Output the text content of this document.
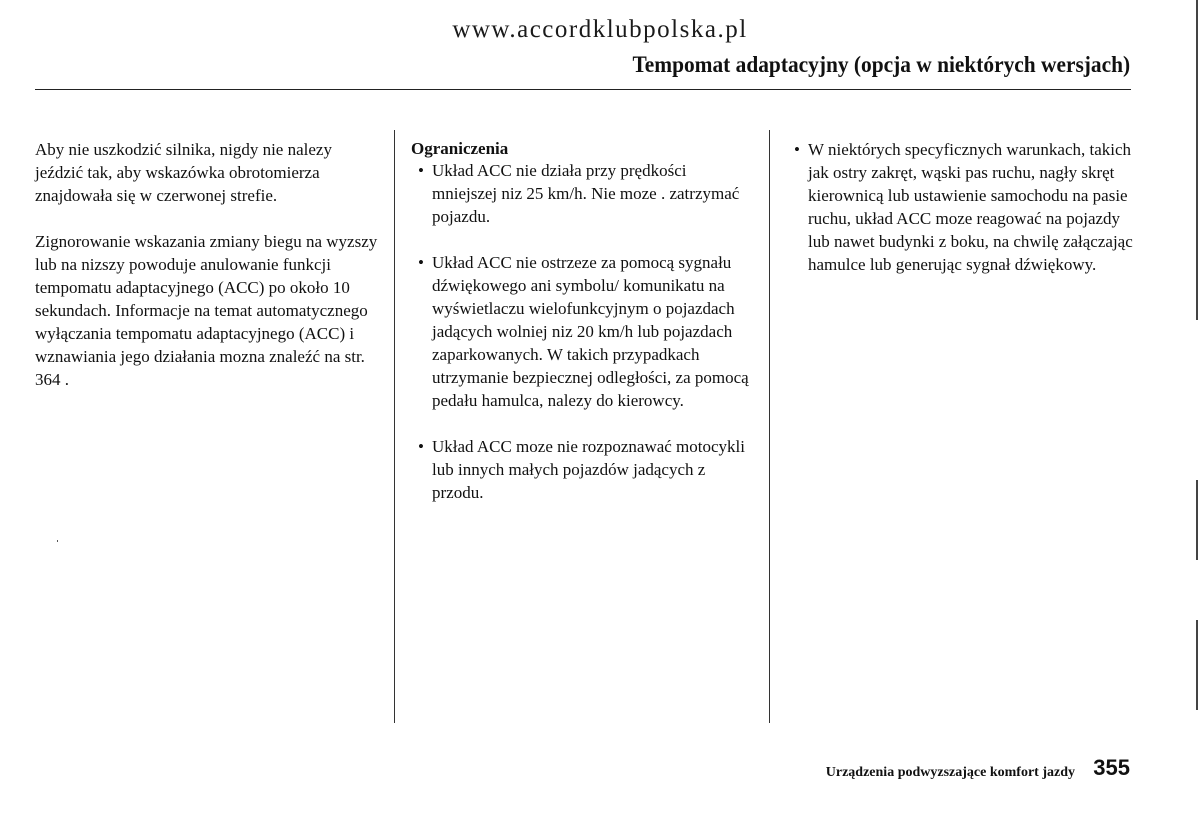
www.accordklubpolska.pl
Tempomat adaptacyjny (opcja w niektórych wersjach)

Aby nie uszkodzić silnika, nigdy nie nalezy jeździć tak, aby wskazówka obrotomierza znajdowała się w czerwonej strefie.

Zignorowanie wskazania zmiany biegu na wyzszy lub na nizszy powoduje anulowanie funkcji tempomatu adaptacyjnego (ACC) po około 10 sekundach. Informacje na temat automatycznego wyłączania tempomatu adaptacyjnego (ACC) i wznawiania jego działania mozna znaleźć na str. 364 .

Ograniczenia
• Układ ACC nie działa przy prędkości mniejszej niz 25 km/h. Nie moze . zatrzymać pojazdu.
• Układ ACC nie ostrzeze za pomocą sygnału dźwiękowego ani symbolu/ komunikatu na wyświetlaczu wielofunkcyjnym o pojazdach jadących wolniej niz 20 km/h lub pojazdach zaparkowanych. W takich przypadkach utrzymanie bezpiecznej odległości, za pomocą pedału hamulca, nalezy do kierowcy.
• Układ ACC moze nie rozpoznawać motocykli lub innych małych pojazdów jadących z przodu.
• W niektórych specyficznych warunkach, takich jak ostry zakręt, wąski pas ruchu, nagły skręt kierownicą lub ustawienie samochodu na pasie ruchu, układ ACC moze reagować na pojazdy lub nawet budynki z boku, na chwilę załączając hamulce lub generując sygnał dźwiękowy.
Urządzenia podwyzszające komfort jazdy 355
